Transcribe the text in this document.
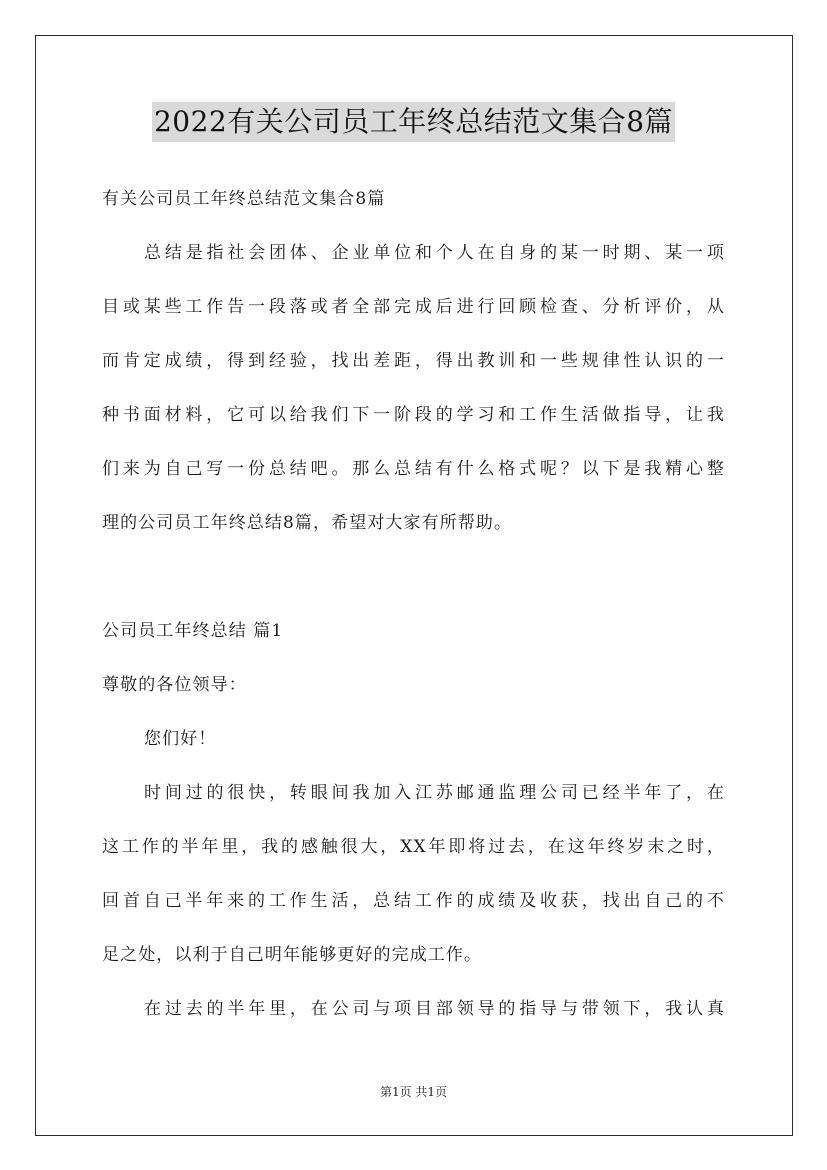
2022有关公司员工年终总结范文集合8篇
有关公司员工年终总结范文集合8篇
总结是指社会团体、企业单位和个人在自身的某一时期、某一项
目或某些工作告一段落或者全部完成后进行回顾检查、分析评价，从
而肯定成绩，得到经验，找出差距，得出教训和一些规律性认识的一
种书面材料，它可以给我们下一阶段的学习和工作生活做指导，让我
们来为自己写一份总结吧。那么总结有什么格式呢？以下是我精心整
理的公司员工年终总结8篇，希望对大家有所帮助。
公司员工年终总结 篇1
尊敬的各位领导：
您们好！
时间过的很快，转眼间我加入江苏邮通监理公司已经半年了，在
这工作的半年里，我的感触很大，XX年即将过去，在这年终岁末之时，
回首自己半年来的工作生活，总结工作的成绩及收获，找出自己的不
足之处，以利于自己明年能够更好的完成工作。
在过去的半年里，在公司与项目部领导的指导与带领下，我认真
第1页 共1页
